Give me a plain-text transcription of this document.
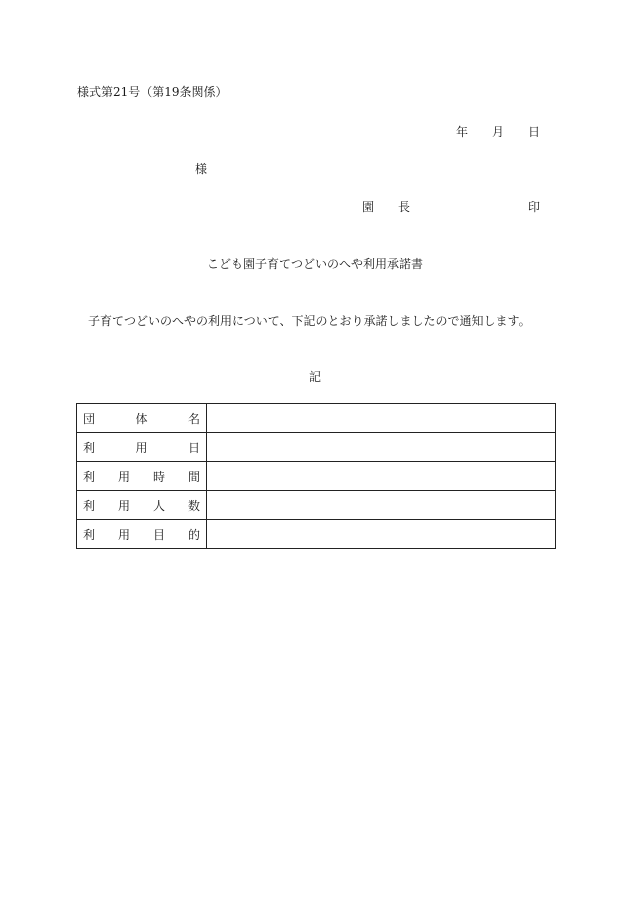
様式第21号（第19条関係）
年 月 日
様
園　　長	印
こども園子育てつどいのへや利用承諾書
子育てつどいのへやの利用について、下記のとおり承諾しましたので通知します。
記
団 体 名	

利 用 日	

利 用 時 間	

利 用 人 数	

利 用 目 的	
